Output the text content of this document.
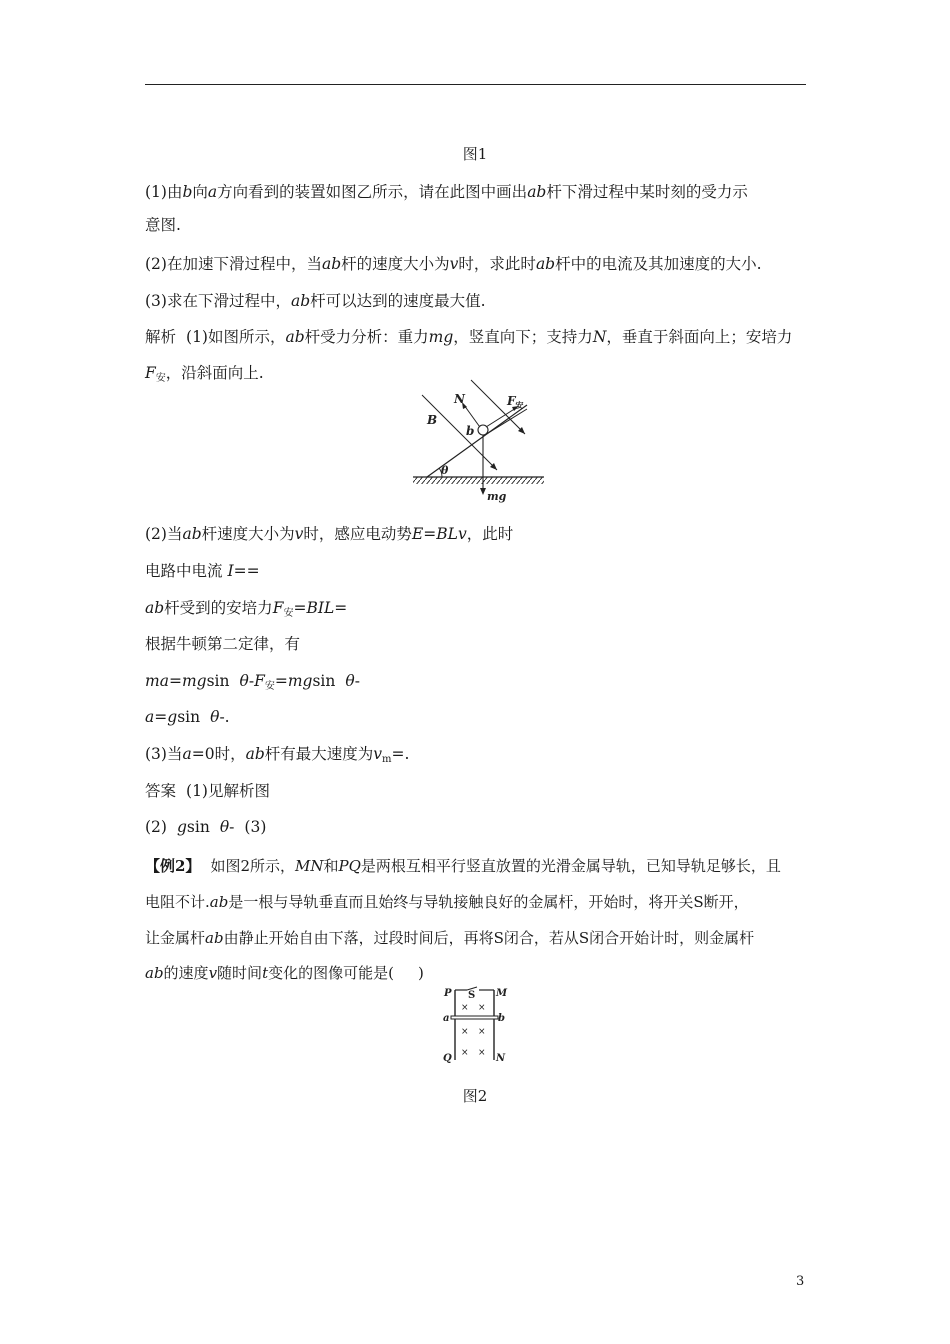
图1
(1)由b向a方向看到的装置如图乙所示，请在此图中画出ab杆下滑过程中某时刻的受力示
意图.
(2)在加速下滑过程中，当ab杆的速度大小为v时，求此时ab杆中的电流及其加速度的大小.
(3)求在下滑过程中，ab杆可以达到的速度最大值.
解析 (1)如图所示，ab杆受力分析：重力mg，竖直向下；支持力N，垂直于斜面向上；安培力
$F_安$，沿斜面向上.
N	$F_安$
B
b
θ
mg
(2)当ab杆速度大小为v时，感应电动势E=BLv，此时
电路中电流 I==
ab杆受到的安培力$F_安=BIL=$
根据牛顿第二定律，有
ma=mgsin $\theta-F_安=mgsin$ θ-
a=gsin θ-.
(3)当a=0时，ab杆有最大速度为$v_m=$.
答案 (1)见解析图
(2) gsin θ- (3)
【例2】 如图2所示，MN和PQ是两根互相平行竖直放置的光滑金属导轨，已知导轨足够长，且
电阻不计.ab是一根与导轨垂直而且始终与导轨接触良好的金属杆，开始时，将开关S断开，
让金属杆ab由静止开始自由下落，过段时间后，再将S闭合，若从S闭合开始计时，则金属杆
ab的速度v随时间t变化的图像可能是( )
P S M
a	b
Q	N
× ×
× ×
× ×
图2
3
